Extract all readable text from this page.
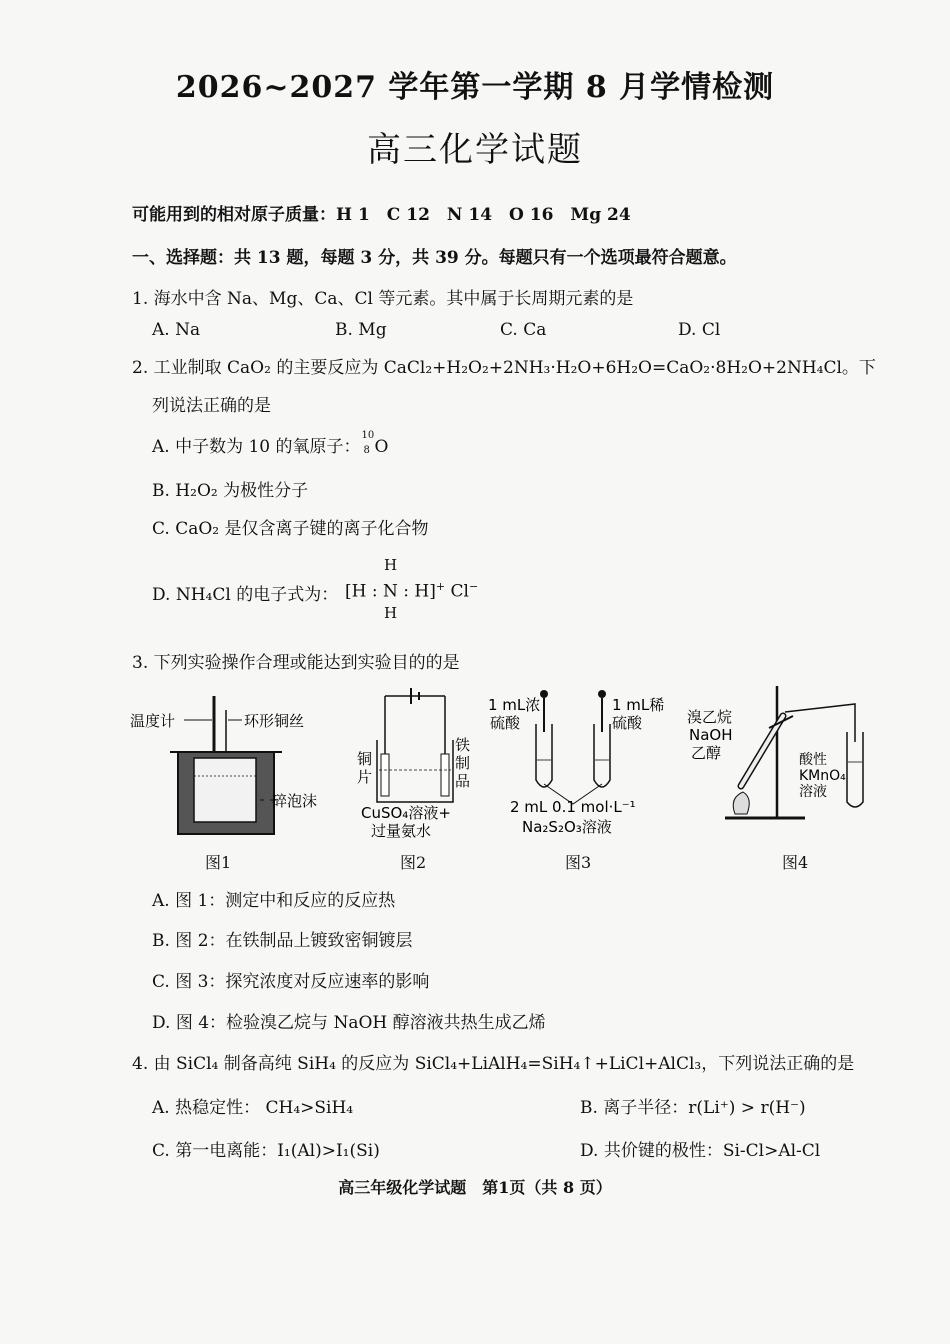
2026~2027 学年第一学期 8 月学情检测
高三化学试题
可能用到的相对原子质量：H 1　C 12　N 14　O 16　Mg 24
一、选择题：共 13 题，每题 3 分，共 39 分。每题只有一个选项最符合题意。
1. 海水中含 Na、Mg、Ca、Cl 等元素。其中属于长周期元素的是
A. Na	B. Mg	C. Ca	D. Cl
2. 工业制取 CaO₂ 的主要反应为 CaCl₂+H₂O₂+2NH₃·H₂O+6H₂O=CaO₂·8H₂O+2NH₄Cl。下
列说法正确的是
A. 中子数为 10 的氧原子：
10
8 O
B. H₂O₂ 为极性分子
C. CaO₂ 是仅含离子键的离子化合物
D. NH₄Cl 的电子式为：
H
[H : N : H]+ Cl−
H
3. 下列实验操作合理或能达到实验目的的是
温度计	环形铜丝
碎泡沫
图1
铜
片
铁
制
品
CuSO₄溶液+
过量氨水
图2
1 mL浓
硫酸
1 mL稀
硫酸
2 mL 0.1 mol·L⁻¹
Na₂S₂O₃溶液
图3
溴乙烷
NaOH
乙醇	酸性
KMnO₄
溶液
图4
A. 图 1：测定中和反应的反应热
B. 图 2：在铁制品上镀致密铜镀层
C. 图 3：探究浓度对反应速率的影响
D. 图 4：检验溴乙烷与 NaOH 醇溶液共热生成乙烯
4. 由 SiCl₄ 制备高纯 SiH₄ 的反应为 SiCl₄+LiAlH₄=SiH₄↑+LiCl+AlCl₃，下列说法正确的是
A. 热稳定性： CH₄>SiH₄	B. 离子半径：r(Li⁺) > r(H⁻)
C. 第一电离能：I₁(Al)>I₁(Si)	D. 共价键的极性：Si-Cl>Al-Cl
高三年级化学试题　第1页（共 8 页）
